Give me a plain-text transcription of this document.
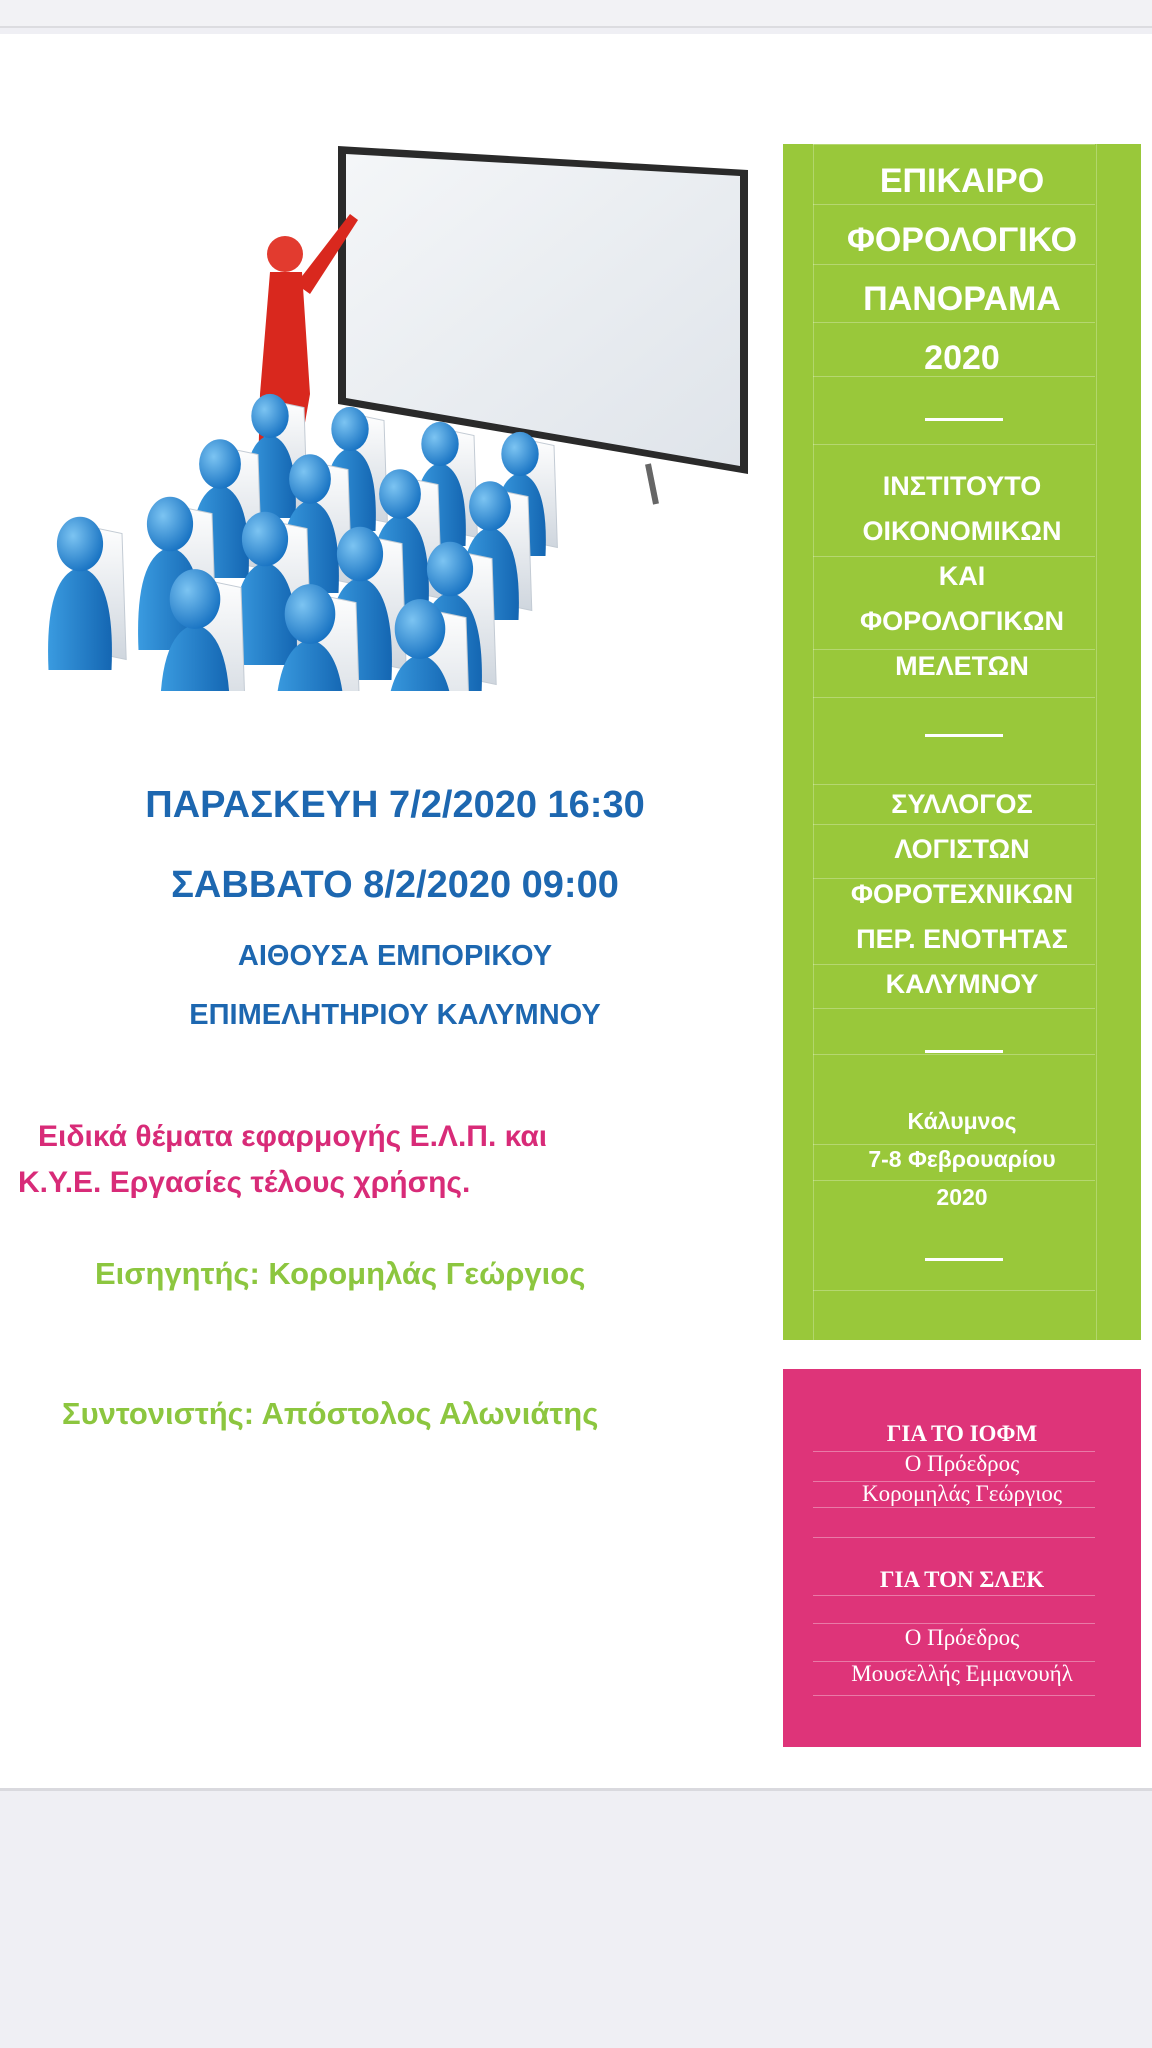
ΠΑΡΑΣΚΕΥΗ 7/2/2020 16:30
ΣΑΒΒΑΤΟ 8/2/2020 09:00
ΑΙΘΟΥΣΑ ΕΜΠΟΡΙΚΟΥ
ΕΠΙΜΕΛΗΤΗΡΙΟΥ ΚΑΛΥΜΝΟΥ
Ειδικά θέματα εφαρμογής Ε.Λ.Π. και
Κ.Υ.Ε. Εργασίες τέλους χρήσης.
Εισηγητής: Κορομηλάς Γεώργιος
Συντονιστής: Απόστολος Αλωνιάτης
ΕΠΙΚΑΙΡΟ
ΦΟΡΟΛΟΓΙΚΟ
ΠΑΝΟΡΑΜΑ
2020
ΙΝΣΤΙΤΟΥΤΟ
ΟΙΚΟΝΟΜΙΚΩΝ
ΚΑΙ
ΦΟΡΟΛΟΓΙΚΩΝ
ΜΕΛΕΤΩΝ
ΣΥΛΛΟΓΟΣ
ΛΟΓΙΣΤΩΝ
ΦΟΡΟΤΕΧΝΙΚΩΝ
ΠΕΡ. ΕΝΟΤΗΤΑΣ
ΚΑΛΥΜΝΟΥ
Κάλυμνος
7-8 Φεβρουαρίου
2020
ΓΙΑ ΤΟ ΙΟΦΜ
Ο Πρόεδρος
Κορομηλάς Γεώργιος
ΓΙΑ ΤΟΝ ΣΛΕΚ
Ο Πρόεδρος
Μουσελλής Εμμανουήλ
